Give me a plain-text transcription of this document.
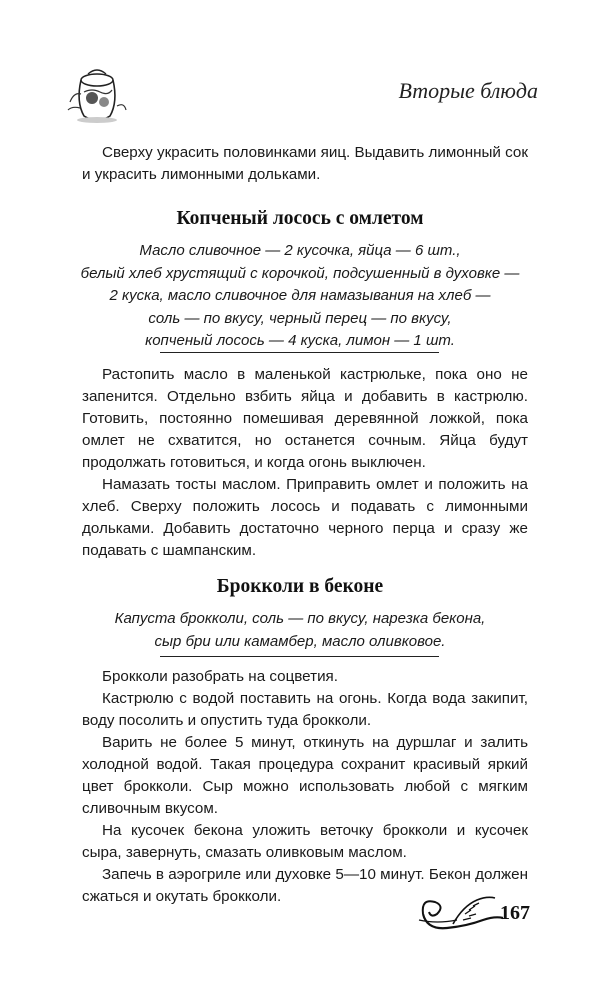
Вторые блюда

Сверху украсить половинками яиц. Выдавить лимонный сок и украсить лимонными дольками.

Копченый лосось с омлетом
Масло сливочное — 2 кусочка, яйца — 6 шт.,
белый хлеб хрустящий с корочкой, подсушенный в духовке —
2 куска, масло сливочное для намазывания на хлеб —
соль — по вкусу, черный перец — по вкусу,
копченый лосось — 4 куска, лимон — 1 шт.

Растопить масло в маленькой кастрюльке, пока оно не запенится. Отдельно взбить яйца и добавить в кастрюлю. Готовить, постоянно помешивая деревянной ложкой, пока омлет не схватится, но останется сочным. Яйца будут продолжать готовиться, и когда огонь выключен.

Намазать тосты маслом. Приправить омлет и положить на хлеб. Сверху положить лосось и подавать с лимонными дольками. Добавить достаточно черного перца и сразу же подавать с шампанским.

Брокколи в беконе
Капуста брокколи, соль — по вкусу, нарезка бекона,
сыр бри или камамбер, масло оливковое.

Брокколи разобрать на соцветия.

Кастрюлю с водой поставить на огонь. Когда вода закипит, воду посолить и опустить туда брокколи.

Варить не более 5 минут, откинуть на дуршлаг и залить холодной водой. Такая процедура сохранит красивый яркий цвет брокколи. Сыр можно использовать любой с мягким сливочным вкусом.

На кусочек бекона уложить веточку брокколи и кусочек сыра, завернуть, смазать оливковым маслом.

Запечь в аэрогриле или духовке 5—10 минут. Бекон должен сжаться и окутать брокколи.

167
